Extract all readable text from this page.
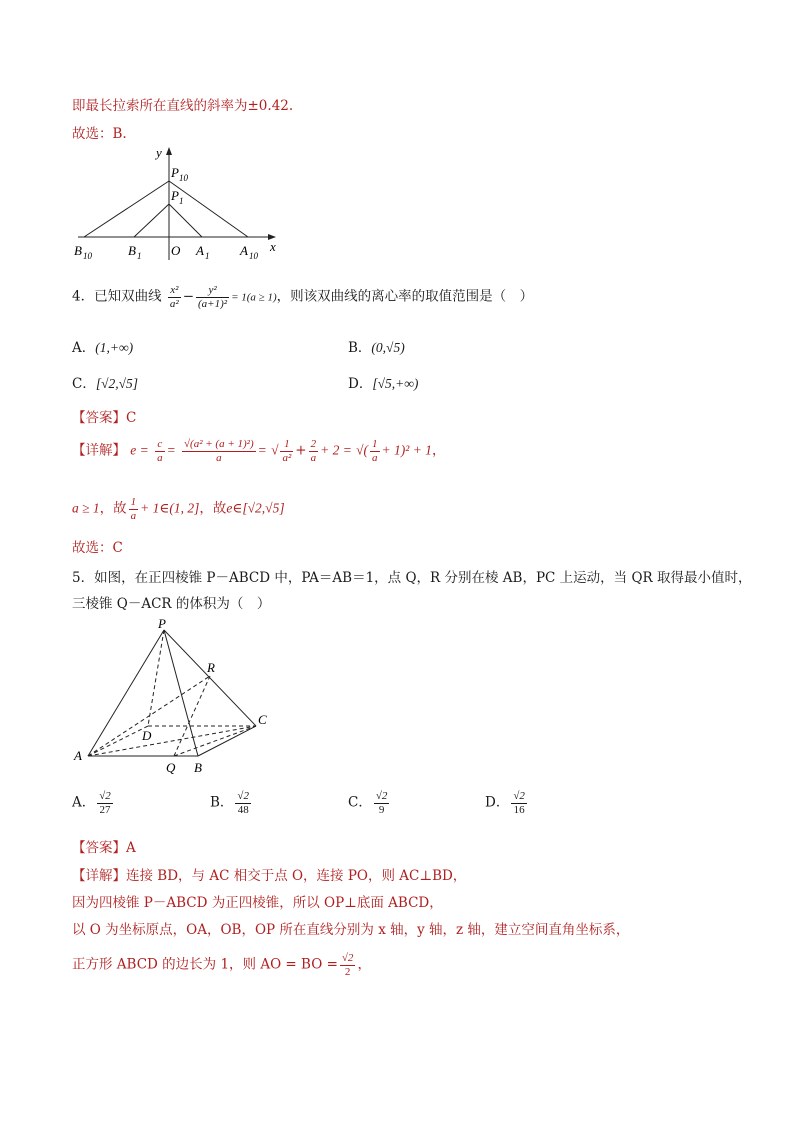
即最长拉索所在直线的斜率为±0.42.
故选：B.
y
x
P 10
P 1
B 10	B 1 O A 1 A 10
4．已知双曲线 $\frac{\text{x²}}{\text{a²}} - \frac{\text{y²}}{\text{(a+1)²}} = 1(a \ge 1)$，则该双曲线的离心率的取值范围是（　）
A．(1,+∞)	B．(0,√5)
C．[√2,√5]	D．[√5,+∞)
【答案】C
【详解】 $e = \frac{c}{a} = \frac{\text{√(a² + (a + 1)²)}}{a}$ = √ $\frac{1}{\text{a²}} + \frac{2}{a} + 2$ = √( $\frac{1}{a} + 1)^2 + 1$，
a ≥ 1，故 $\frac{1}{a}$ + 1∈(1, 2]，故e∈[√2,√5]
故选：C
5．如图，在正四棱锥 P－ABCD 中，PA＝AB＝1，点 Q，R 分别在棱 AB，PC 上运动，当 QR 取得最小值时，
三棱锥 Q－ACR 的体积为（　）
P
R
C
D
A
Q B
A． $\frac{√2}{27}$	B． $\frac{√2}{48}$	C． $\frac{√2}{9}$	D． $\frac{√2}{16}$
【答案】A
【详解】连接 BD，与 AC 相交于点 O，连接 PO，则 AC⊥BD，
因为四棱锥 P－ABCD 为正四棱锥，所以 OP⊥底面 ABCD，
以 O 为坐标原点，OA，OB，OP 所在直线分别为 x 轴，y 轴，z 轴，建立空间直角坐标系，
正方形 ABCD 的边长为 1，则 AO = BO = $\frac{√2}{2}$ ，
